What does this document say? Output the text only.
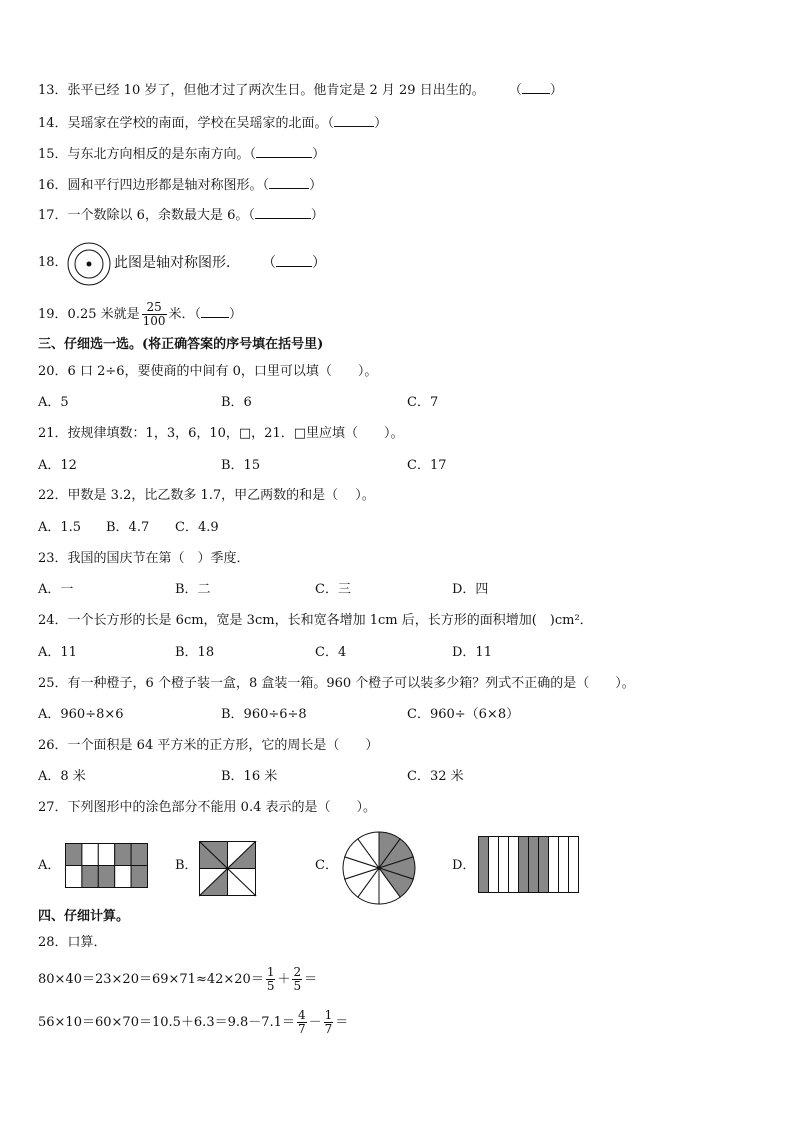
13．张平已经 10 岁了，但他才过了两次生日。他肯定是 2 月 29 日出生的。 （ ）
14．吴瑶家在学校的南面，学校在吴瑶家的北面。（	）
15．与东北方向相反的是东南方向。（	）
16．圆和平行四边形都是轴对称图形。（	）
17．一个数除以 6，余数最大是 6。（	）
18．	此图是轴对称图形． （	）
19．0.25 米就是 $\frac{25}{100}$ 米．（ ）
三、仔细选一选。(将正确答案的序号填在括号里)
20．6 口 2÷6，要使商的中间有 0，口里可以填（　　）。
A．5	B．6	C．7
21．按规律填数：1，3，6，10，□，21．□里应填（　　）。
A．12	B．15	C．17
22．甲数是 3.2，比乙数多 1.7，甲乙两数的和是（　 ）。
A．1.5 B．4.7 C．4.9
23．我国的国庆节在第（　）季度．
A．一	B．二	C．三	D．四
24．一个长方形的长是 6cm，宽是 3cm，长和宽各增加 1cm 后，长方形的面积增加(　)cm²．
A．11	B．18	C．4	D．11
25．有一种橙子，6 个橙子装一盒，8 盒装一箱。960 个橙子可以装多少箱？列式不正确的是（　　）。
A．960÷8×6	B．960÷6÷8	C．960÷（6×8）
26．一个面积是 64 平方米的正方形，它的周长是（　　）
A．8 米	B．16 米	C．32 米
27．下列图形中的涂色部分不能用 0.4 表示的是（　　）。
A．	B．	C．	D．
四、仔细计算。
28．口算．
$80\times 40=23\times 20=69\times 71\approx 42\times 20= \frac{1}{5} + \frac{2}{5}$ ＝
$56\times 10=60\times 70=10.5+6.3=9.8-7.1= \frac{4}{7} - \frac{1}{7}$ ＝
